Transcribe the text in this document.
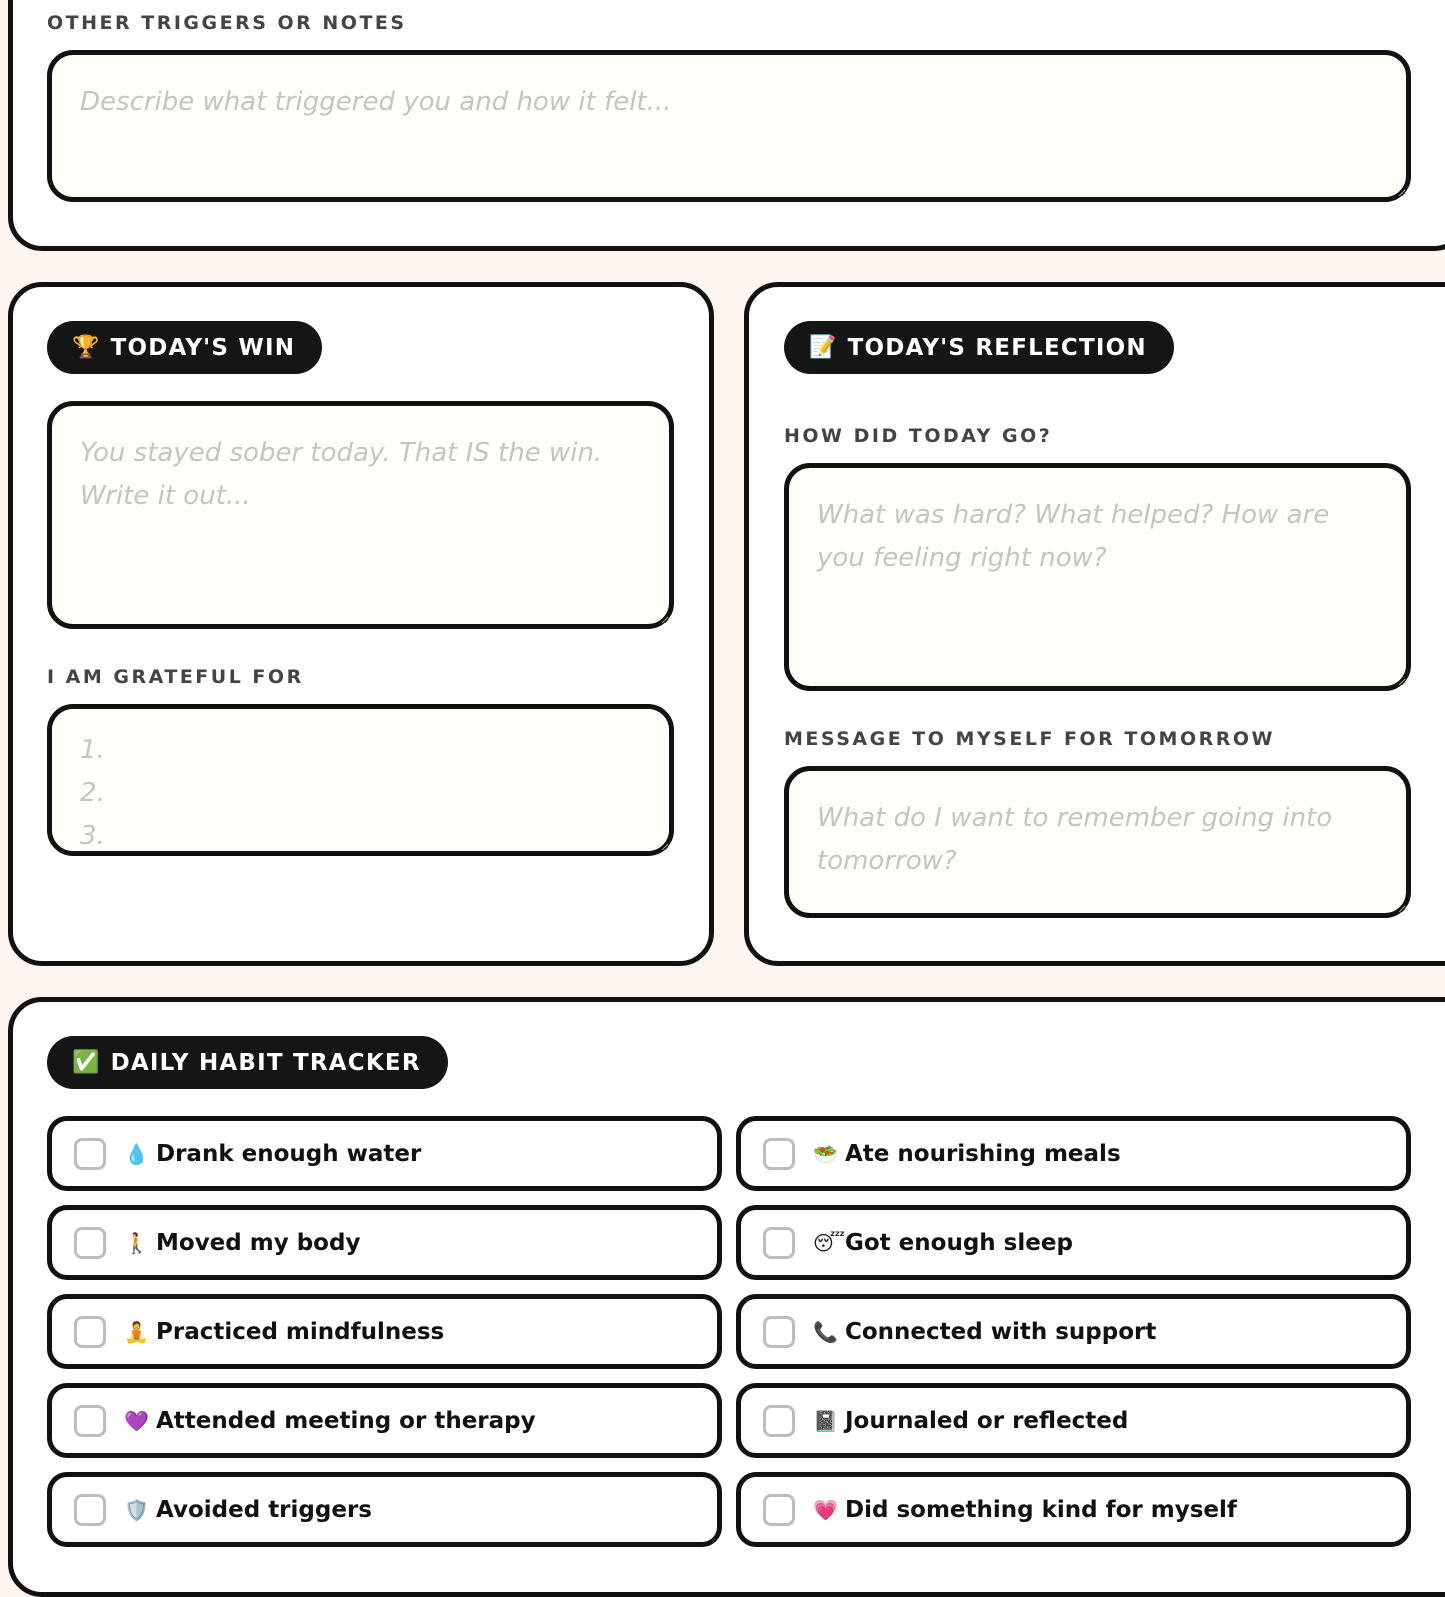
OTHER TRIGGERS OR NOTES
Describe what triggered you and how it felt...
🏆 TODAY'S WIN
You stayed sober today. That IS the win. Write it out...
I AM GRATEFUL FOR
1. 2. 3.
📝 TODAY'S REFLECTION
HOW DID TODAY GO?
What was hard? What helped? How are you feeling right now?
MESSAGE TO MYSELF FOR TOMORROW
What do I want to remember going into tomorrow?
✅ DAILY HABIT TRACKER
💧 Drank enough water	🥗 Ate nourishing meals
🚶 Moved my body	😴 Got enough sleep
🧘 Practiced mindfulness	📞 Connected with support
💜 Attended meeting or therapy	📓 Journaled or reflected
🛡️ Avoided triggers	💗 Did something kind for myself
